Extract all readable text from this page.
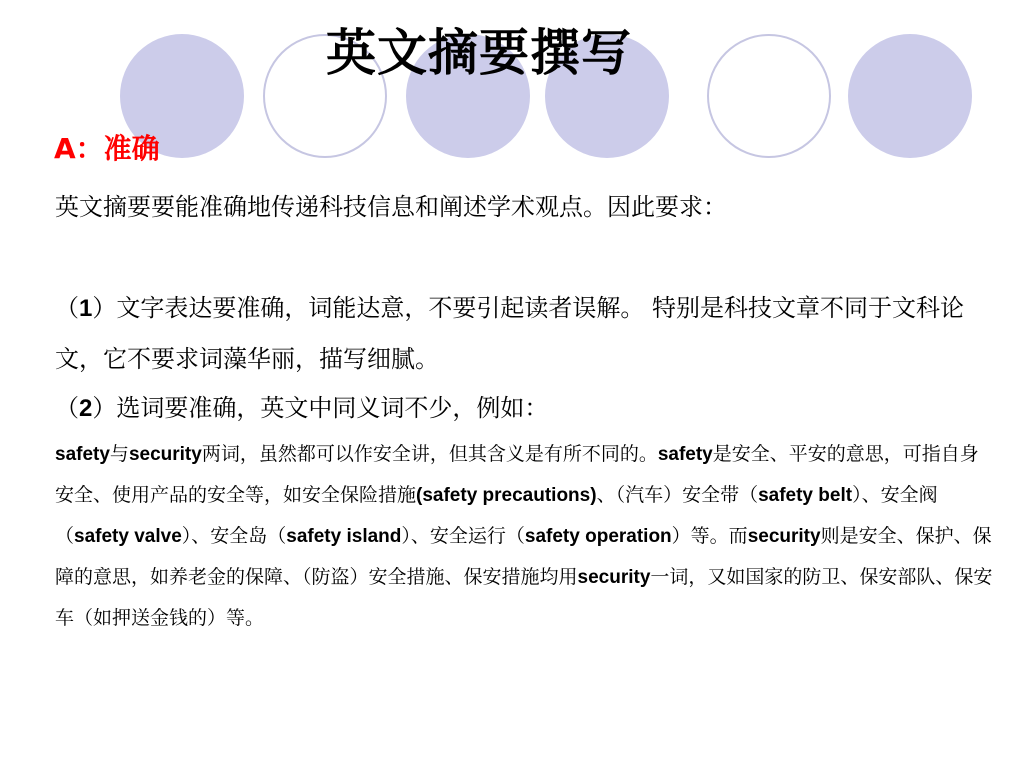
英文摘要撰写
A：准确

英文摘要要能准确地传递科技信息和阐述学术观点。因此要求：

（1）文字表达要准确，词能达意，不要引起读者误解。 特别是科技文章不同于文科论文，它不要求词藻华丽，描写细腻。

（2）选词要准确，英文中同义词不少，例如：

safety与security两词，虽然都可以作安全讲，但其含义是有所不同的。safety是安全、平安的意思，可指自身安全、使用产品的安全等，如安全保险措施(safety precautions)、（汽车）安全带（safety belt）、安全阀（safety valve）、安全岛（safety island）、安全运行（safety operation）等。而security则是安全、保护、保障的意思，如养老金的保障、（防盗）安全措施、保安措施均用security一词，又如国家的防卫、保安部队、保安车（如押送金钱的）等。
